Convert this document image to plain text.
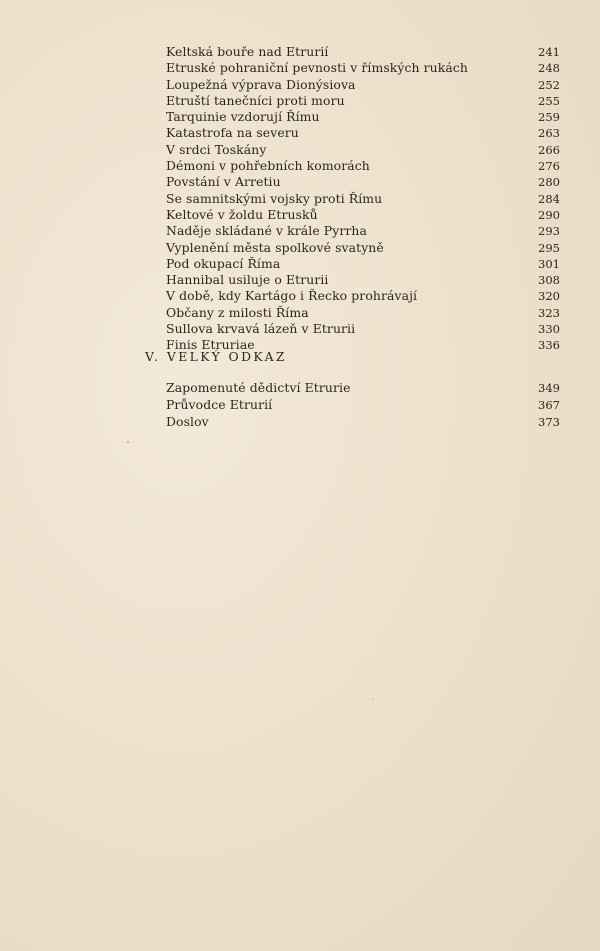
Keltská bouře nad Etrurií	241
Etruské pohraniční pevnosti v římských rukách	248
Loupežná výprava Dionýsiova	252
Etruští tanečníci proti moru	255
Tarquinie vzdorují Římu	259
Katastrofa na severu	263
V srdci Toskány	266
Démoni v pohřebních komorách	276
Povstání v Arretiu	280
Se samnitskými vojsky proti Římu	284
Keltové v žoldu Etrusků	290
Naděje skládané v krále Pyrrha	293
Vyplenění města spolkové svatyně	295
Pod okupací Říma	301
Hannibal usiluje o Etrurii	308
V době, kdy Kartágo i Řecko prohrávají	320
Občany z milosti Říma	323
Sullova krvavá lázeň v Etrurii	330
Finis Etruriae	336
V. VELKÝ ODKAZ
Zapomenuté dědictví Etrurie	349
Průvodce Etrurií	367
Doslov	373
